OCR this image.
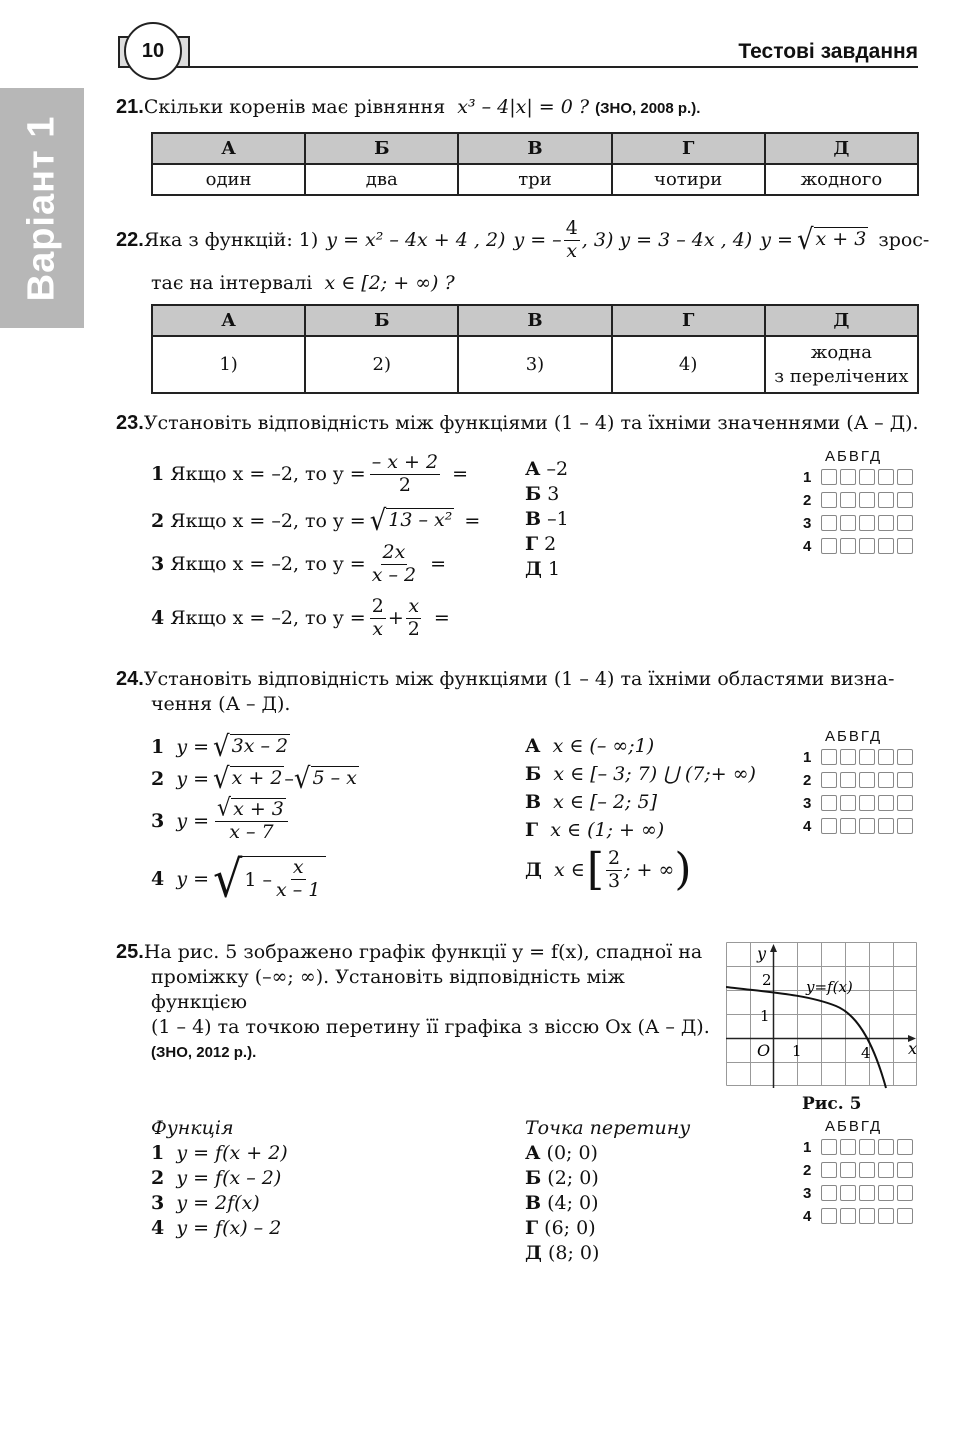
10	Тестові завдання
Варіант 1
21.Скільки коренів має рівняння x³ – 4|x| = 0 ? (ЗНО, 2008 р.).
А	Б	В	Г	Д
один	два	три	чотири	жодного
22. Яка з функцій: 1) y = x² – 4x + 4 , 2) y = – $\frac{4}{x}$ , 3) y = 3 – 4x , 4) y = √ x + 3 зрос-
тає на інтервалі x ∈ [2; + ∞) ?
А	Б	В	Г	Д
1)	2)	3)	4)	жодна
з перелічених
23.Установіть відповідність між функціями (1 – 4) та їхніми значеннями (А – Д).
1
Якщо x = –2, то $y = \frac{- x + 2}{2}$ =
2
Якщо x = –2, то y = √ 13 – x² =
3
Якщо x = –2, то $y = \frac{2x}{x - 2}$ =
4
Якщо x = –2, то $y = \frac{2}{x} + \frac{x}{2}$ =
А –2
Б 3
В –1
Г 2
Д 1
АБВГД
1
2
3
4
24.Установіть відповідність між функціями (1 – 4) та їхніми областями визна-
чення (А – Д).
1
y = √ 3x – 2
2
y = √ x + 2 – √ 5 – x
3
$y = \frac{√ x + 3}{x - 7}$
4
y = √ $1 - \frac{x}{x - 1}$
А x ∈ (– ∞;1)
Б x ∈ [– 3; 7) ⋃ (7;+ ∞)
В x ∈ [– 2; 5]
Г x ∈ (1; + ∞)
Д
x ∈ [ $\frac{2}{3}$ ; + ∞ )
АБВГД
1
2
3
4
25.На рис. 5 зображено графік функції y = f(x), спадної на
проміжку (–∞; ∞). Установіть відповідність між функцією
(1 – 4) та точкою перетину її графіка з віссю Ox (А – Д).
(ЗНО, 2012 р.).
y
x
O 1	4
2
1
y=f(x)
Рис. 5
Функція
1 y = f(x + 2)
2 y = f(x – 2)
3 y = 2f(x)
4 y = f(x) – 2
Точка перетину
А (0; 0)
Б (2; 0)
В (4; 0)
Г (6; 0)
Д (8; 0)
АБВГД
1
2
3
4
